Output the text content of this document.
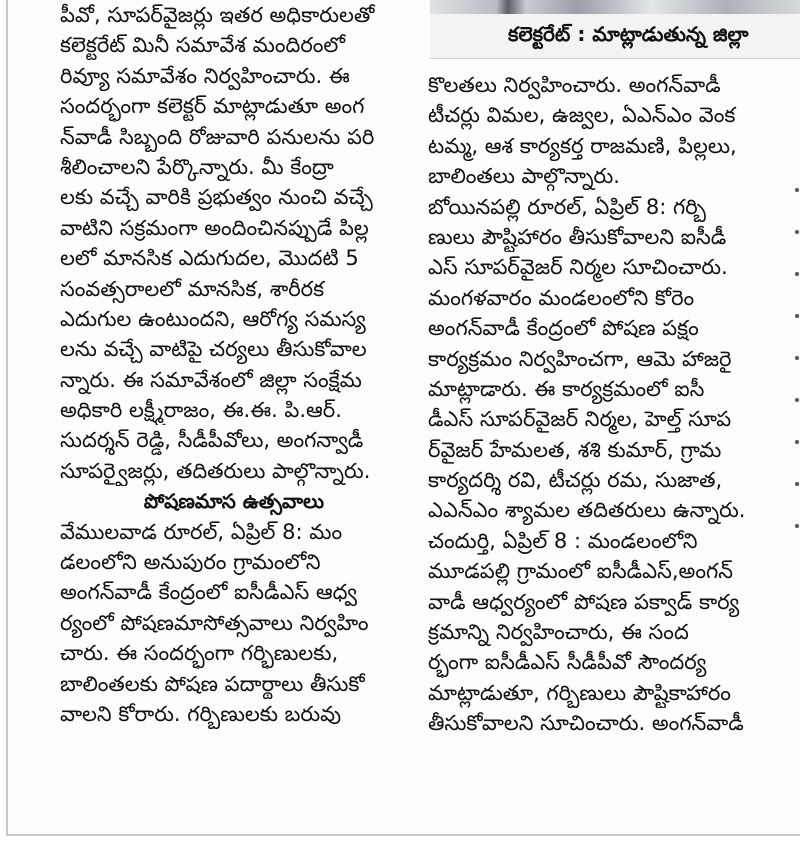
కలెక్టరేట్ : మాట్లాడుతున్న జిల్లా
పీవో, సూపర్‌వైజర్లు ఇతర అధికారులతో
కలెక్టరేట్ మినీ సమావేశ మందిరంలో
రివ్యూ సమావేశం నిర్వహించారు. ఈ
సందర్భంగా కలెక్టర్ మాట్లాడుతూ అంగ
న్‌వాడీ సిబ్బంది రోజువారి పనులను పరి
శీలించాలని పేర్కొన్నారు. మీ కేంద్రా
లకు వచ్చే వారికి ప్రభుత్వం నుంచి వచ్చే
వాటిని సక్రమంగా అందించినప్పుడే పిల్ల
లలో మానసిక ఎదుగుదల, మొదటి 5
సంవత్సరాలలో మానసిక, శారీరక
ఎదుగుల ఉంటుందని, ఆరోగ్య సమస్య
లను వచ్చే వాటిపై చర్యలు తీసుకోవాల
న్నారు. ఈ సమావేశంలో జిల్లా సంక్షేమ
అధికారి లక్ష్మీరాజం, ఈ.ఈ. పి.ఆర్.
సుదర్శన్ రెడ్డి, సీడీపీవోలు, అంగన్వాడీ
సూపర్వైజర్లు, తదితరులు పాల్గొన్నారు.
పోషణమాస ఉత్సవాలు
వేములవాడ రూరల్, ఏప్రిల్ 8: మం
డలంలోని అనుపురం గ్రామంలోని
అంగన్‌వాడీ కేంద్రంలో ఐసీడీఎస్ ఆధ్వ
ర్యంలో పోషణమాసోత్సవాలు నిర్వహిం
చారు. ఈ సందర్భంగా గర్భిణులకు,
బాలింతలకు పోషణ పదార్థాలు తీసుకో
వాలని కోరారు. గర్భిణులకు బరువు
కొలతలు నిర్వహించారు. అంగన్‌వాడీ
టీచర్లు విమల, ఉజ్వల, ఏఎన్ఎం వెంక
టమ్మ, ఆశ కార్యకర్త రాజమణి, పిల్లలు,
బాలింతలు పాల్గొన్నారు.
బోయినపల్లి రూరల్, ఏప్రిల్ 8: గర్భి
ణులు పౌష్టిహారం తీసుకోవాలని ఐసీడీ
ఎస్ సూపర్‌వైజర్ నిర్మల సూచించారు.
మంగళవారం మండలంలోని కోరెం
అంగన్‌వాడీ కేంద్రంలో పోషణ పక్షం
కార్యక్రమం నిర్వహించగా, ఆమె హాజరై
మాట్లాడారు. ఈ కార్యక్రమంలో ఐసీ
డీఎస్ సూపర్‌వైజర్ నిర్మల, హెల్త్ సూప
ర్‌వైజర్ హేమలత, శశి కుమార్, గ్రామ
కార్యదర్శి రవి, టీచర్లు రమ, సుజాత,
ఎఎన్ఎం శ్యామల తదితరులు ఉన్నారు.
చందుర్తి, ఏప్రిల్ 8 : మండలంలోని
మూడపల్లి గ్రామంలో ఐసీడీఎస్,అంగన్
వాడీ ఆధ్వర్యంలో పోషణ పక్వాడ్ కార్య
క్రమాన్ని నిర్వహించారు, ఈ సంద
ర్భంగా ఐసీడీఎస్ సీడీపీవో సౌందర్య
మాట్లాడుతూ, గర్భిణులు పౌష్టికాహారం
తీసుకోవాలని సూచించారు. అంగన్‌వాడీ
